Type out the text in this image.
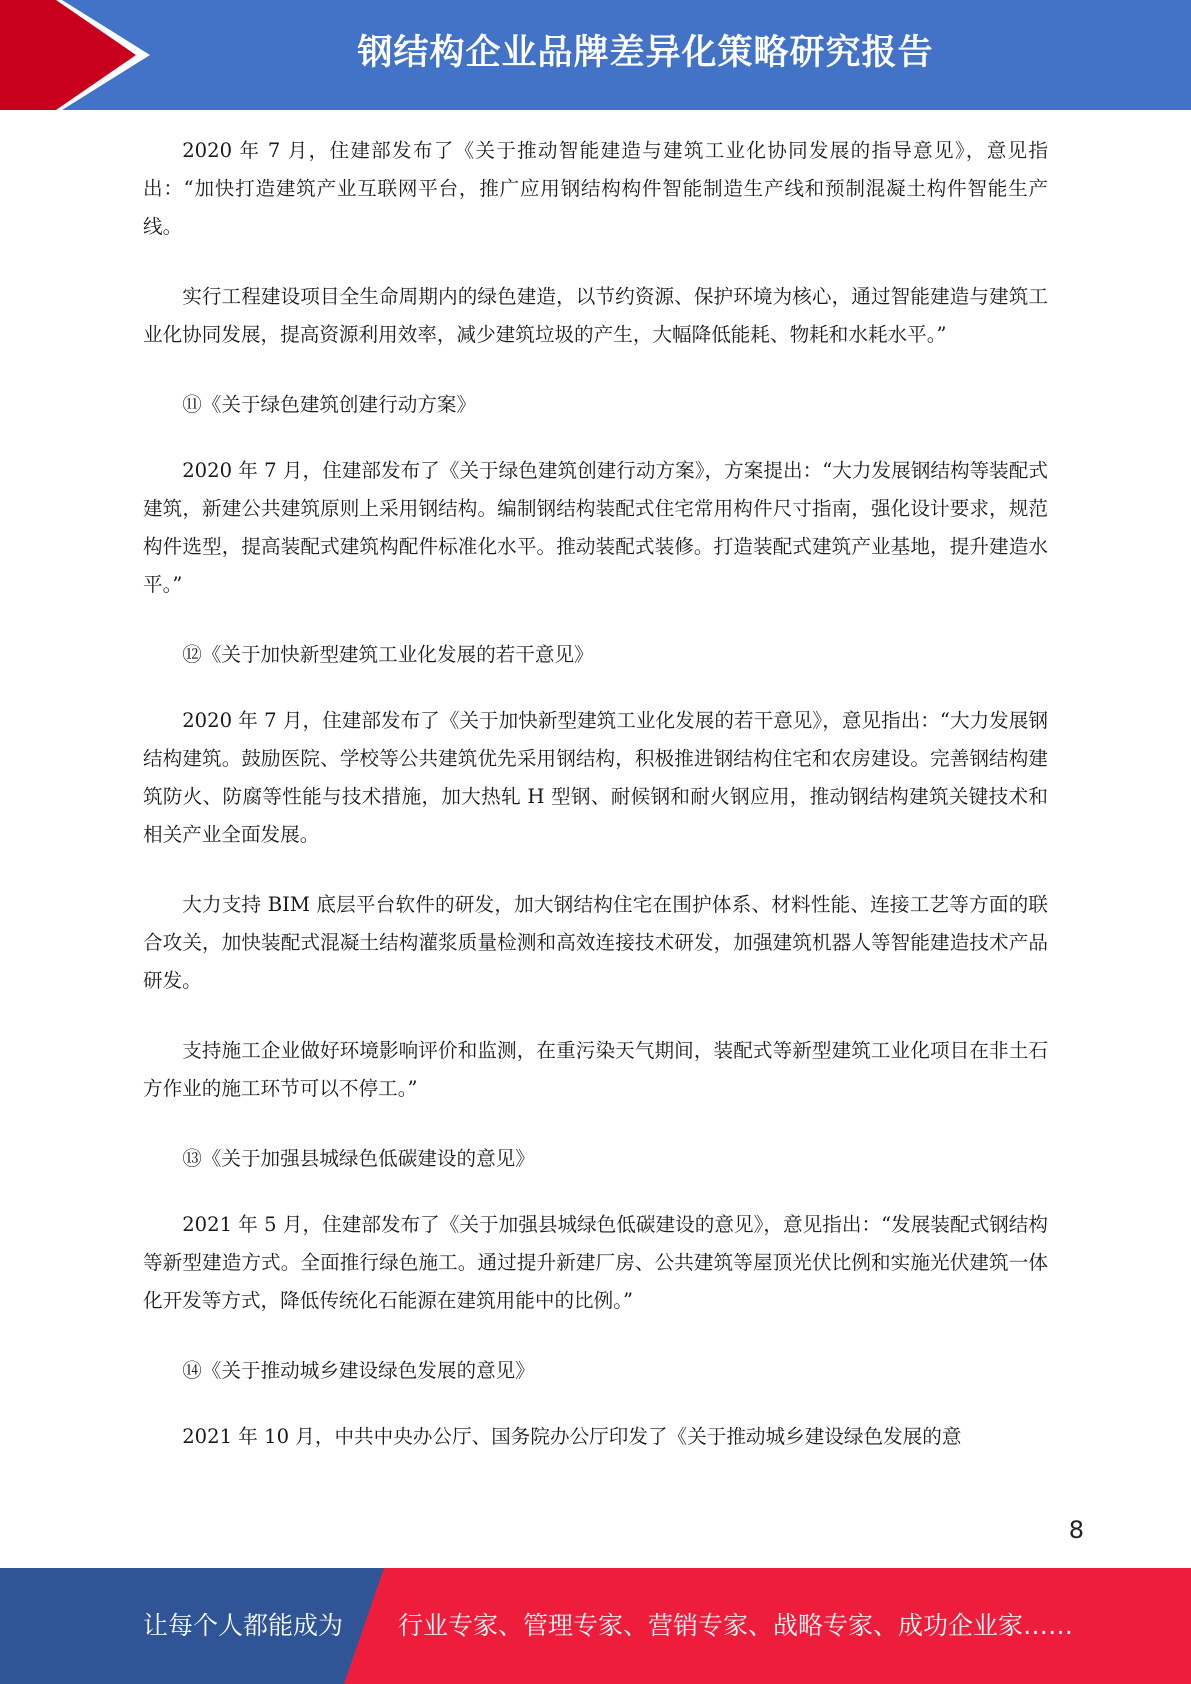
钢结构企业品牌差异化策略研究报告

2020 年 7 月，住建部发布了《关于推动智能建造与建筑工业化协同发展的指导意见》，意见指出：“加快打造建筑产业互联网平台，推广应用钢结构构件智能制造生产线和预制混凝土构件智能生产线。

实行工程建设项目全生命周期内的绿色建造，以节约资源、保护环境为核心，通过智能建造与建筑工业化协同发展，提高资源利用效率，减少建筑垃圾的产生，大幅降低能耗、物耗和水耗水平。”

⑪《关于绿色建筑创建行动方案》

2020 年 7 月，住建部发布了《关于绿色建筑创建行动方案》，方案提出：“大力发展钢结构等装配式建筑，新建公共建筑原则上采用钢结构。编制钢结构装配式住宅常用构件尺寸指南，强化设计要求，规范构件选型，提高装配式建筑构配件标准化水平。推动装配式装修。打造装配式建筑产业基地，提升建造水平。”

⑫《关于加快新型建筑工业化发展的若干意见》

2020 年 7 月，住建部发布了《关于加快新型建筑工业化发展的若干意见》，意见指出：“大力发展钢结构建筑。鼓励医院、学校等公共建筑优先采用钢结构，积极推进钢结构住宅和农房建设。完善钢结构建筑防火、防腐等性能与技术措施，加大热轧 H 型钢、耐候钢和耐火钢应用，推动钢结构建筑关键技术和相关产业全面发展。

大力支持 BIM 底层平台软件的研发，加大钢结构住宅在围护体系、材料性能、连接工艺等方面的联合攻关，加快装配式混凝土结构灌浆质量检测和高效连接技术研发，加强建筑机器人等智能建造技术产品研发。

支持施工企业做好环境影响评价和监测，在重污染天气期间，装配式等新型建筑工业化项目在非土石方作业的施工环节可以不停工。”

⑬《关于加强县城绿色低碳建设的意见》

2021 年 5 月，住建部发布了《关于加强县城绿色低碳建设的意见》，意见指出：“发展装配式钢结构等新型建造方式。全面推行绿色施工。通过提升新建厂房、公共建筑等屋顶光伏比例和实施光伏建筑一体化开发等方式，降低传统化石能源在建筑用能中的比例。”

⑭《关于推动城乡建设绿色发展的意见》

2021 年 10 月，中共中央办公厅、国务院办公厅印发了《关于推动城乡建设绿色发展的意

8
让每个人都能成为 行业专家、管理专家、营销专家、战略专家、成功企业家……
